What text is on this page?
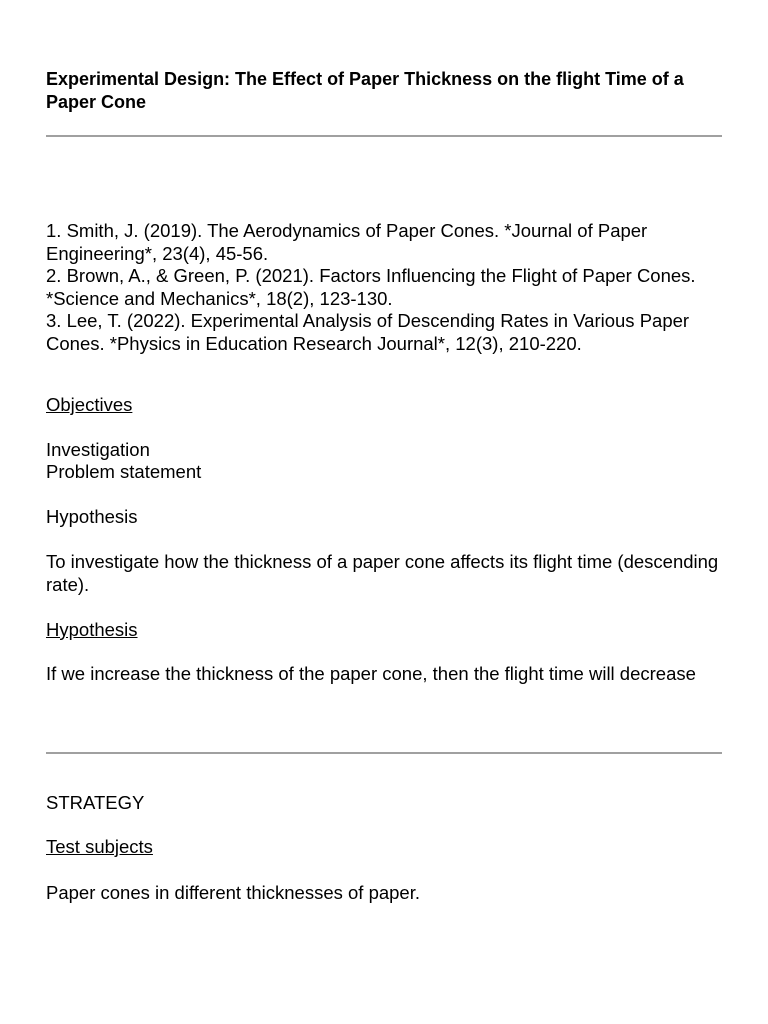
Experimental Design: The Effect of Paper Thickness on the flight Time of a Paper Cone
1. Smith, J. (2019). The Aerodynamics of Paper Cones. *Journal of Paper Engineering*, 23(4), 45-56.
2. Brown, A., & Green, P. (2021). Factors Influencing the Flight of Paper Cones. *Science and Mechanics*, 18(2), 123-130.
3. Lee, T. (2022). Experimental Analysis of Descending Rates in Various Paper Cones. *Physics in Education Research Journal*, 12(3), 210-220.
Objectives
Investigation
Problem statement
Hypothesis
To investigate how the thickness of a paper cone affects its flight time (descending rate).
Hypothesis
If we increase the thickness of the paper cone, then the flight time will decrease
STRATEGY
Test subjects
Paper cones in different thicknesses of paper.
